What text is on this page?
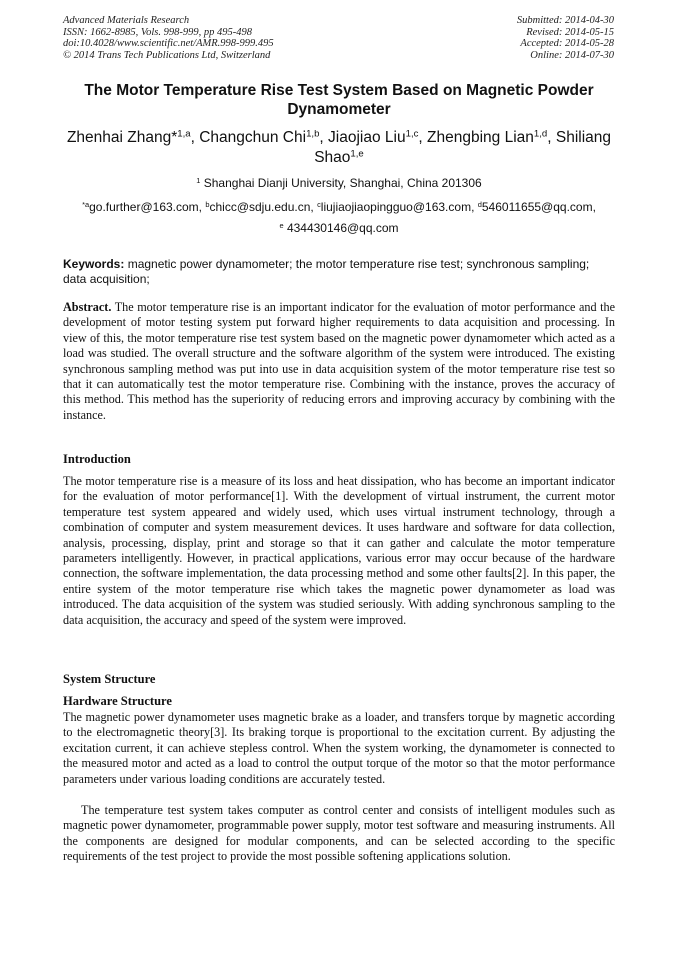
Advanced Materials Research
ISSN: 1662-8985, Vols. 998-999, pp 495-498
doi:10.4028/www.scientific.net/AMR.998-999.495
© 2014 Trans Tech Publications Ltd, Switzerland
Submitted: 2014-04-30
Revised: 2014-05-15
Accepted: 2014-05-28
Online: 2014-07-30
The Motor Temperature Rise Test System Based on Magnetic Powder Dynamometer
Zhenhai Zhang*$^{1,a}$, Changchun Chi$^{1,b}$, Jiaojiao Liu$^{1,c}$, Zhengbing Lian$^{1,d}$, Shiliang Shao$^{1,e}$
$^1$ Shanghai Dianji University, Shanghai, China 201306
$^{*a}$go.further@163.com, $^b$chicc@sdju.edu.cn, $^c$liujiaojiaopingguo@163.com, $^d$546011655@qq.com,
$^e$ 434430146@qq.com
Keywords: magnetic power dynamometer; the motor temperature rise test; synchronous sampling; data acquisition;
Abstract. The motor temperature rise is an important indicator for the evaluation of motor performance and the development of motor testing system put forward higher requirements to data acquisition and processing. In view of this, the motor temperature rise test system based on the magnetic power dynamometer which acted as a load was studied. The overall structure and the software algorithm of the system were introduced. The existing synchronous sampling method was put into use in data acquisition system of the motor temperature rise test so that it can automatically test the motor temperature rise. Combining with the instance, proves the accuracy of this method. This method has the superiority of reducing errors and improving accuracy by combining with the instance.
Introduction
The motor temperature rise is a measure of its loss and heat dissipation, who has become an important indicator for the evaluation of motor performance[1]. With the development of virtual instrument, the current motor temperature test system appeared and widely used, which uses virtual instrument technology, through a combination of computer and system measurement devices. It uses hardware and software for data collection, analysis, processing, display, print and storage so that it can gather and calculate the motor temperature parameters intelligently. However, in practical applications, various error may occur because of the hardware connection, the software implementation, the data processing method and some other faults[2]. In this paper, the entire system of the motor temperature rise which takes the magnetic power dynamometer as load was introduced. The data acquisition of the system was studied seriously. With adding synchronous sampling to the data acquisition, the accuracy and speed of the system were improved.
System Structure
Hardware Structure
The magnetic power dynamometer uses magnetic brake as a loader, and transfers torque by magnetic according to the electromagnetic theory[3]. Its braking torque is proportional to the excitation current. By adjusting the excitation current, it can achieve stepless control. When the system working, the dynamometer is connected to the measured motor and acted as a load to control the output torque of the motor so that the motor performance parameters under various loading conditions are accurately tested.
The temperature test system takes computer as control center and consists of intelligent modules such as magnetic power dynamometer, programmable power supply, motor test software and measuring instruments. All the components are designed for modular components, and can be selected according to the specific requirements of the test project to provide the most possible softening applications solution.
